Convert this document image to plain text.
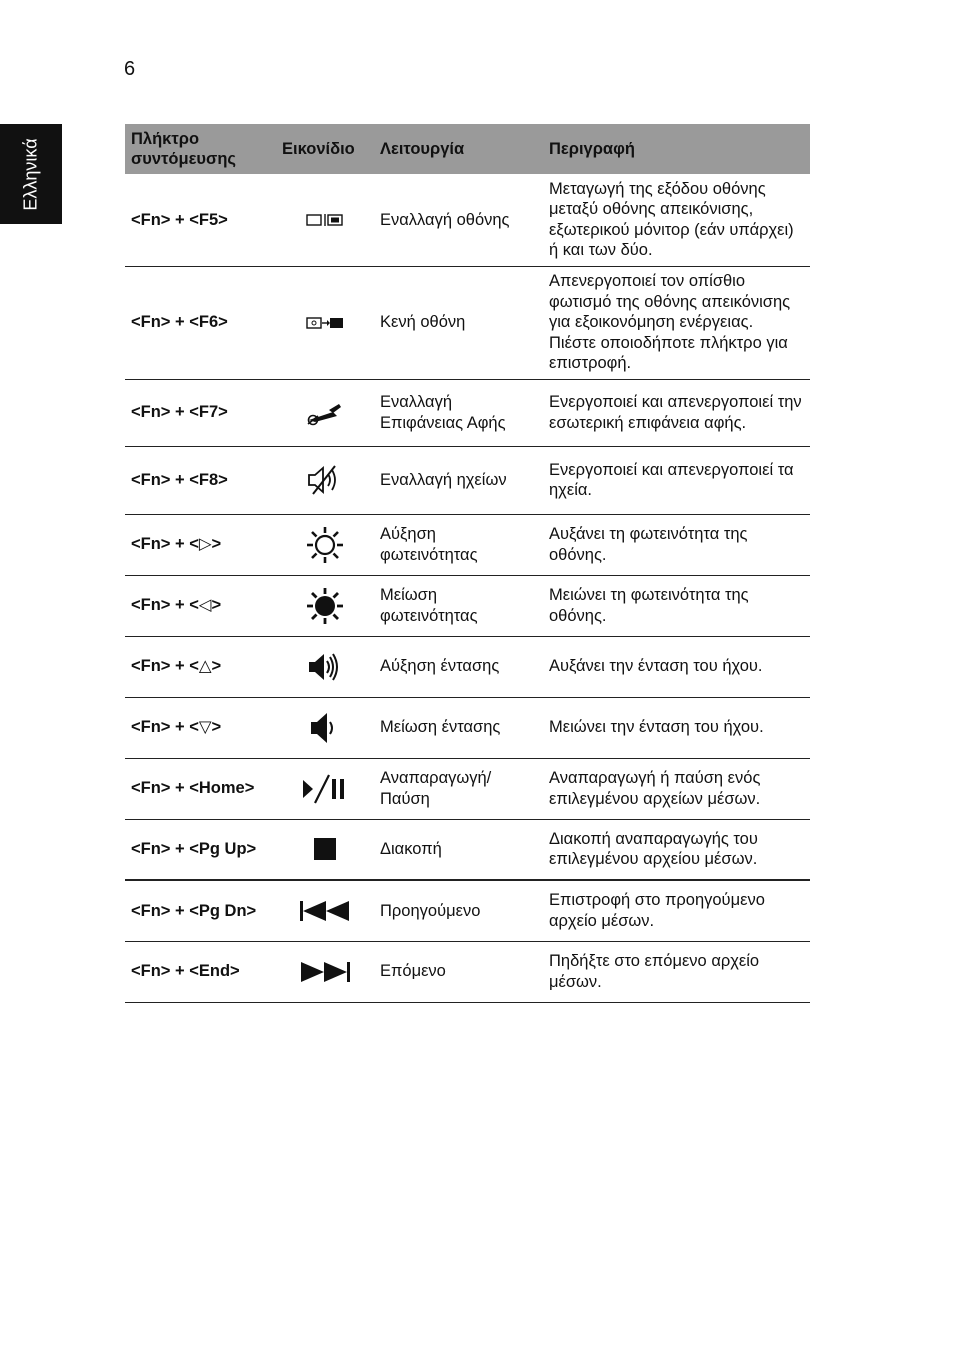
6
Ελληνικά	Πλήκτρο συντόμευσης	Εικονίδιο	Λειτουργία	Περιγραφή
<Fn> + <F5>		Εναλλαγή οθόνης	Μεταγωγή της εξόδου οθόνης μεταξύ οθόνης απεικόνισης, εξωτερικού μόνιτορ (εάν υπάρχει) ή και των δύο.
<Fn> + <F6>		Κενή οθόνη	Απενεργοποιεί τον οπίσθιο φωτισμό της οθόνης απεικόνισης για εξοικονόμηση ενέργειας. Πιέστε οποιοδήποτε πλήκτρο για επιστροφή.
<Fn> + <F7>		Εναλλαγή Επιφάνειας Αφής	Ενεργοποιεί και απενεργοποιεί την εσωτερική επιφάνεια αφής.
<Fn> + <F8>		Εναλλαγή ηχείων	Ενεργοποιεί και απενεργοποιεί τα ηχεία.
<Fn> + <▷>		Αύξηση φωτεινότητας	Αυξάνει τη φωτεινότητα της οθόνης.
<Fn> + <◁>		Μείωση φωτεινότητας	Μειώνει τη φωτεινότητα της οθόνης.
<Fn> + <△>		Αύξηση έντασης	Αυξάνει την ένταση του ήχου.
<Fn> + <▽>		Μείωση έντασης	Μειώνει την ένταση του ήχου.
<Fn> + <Home>		Αναπαραγωγή/ Παύση	Αναπαραγωγή ή παύση ενός επιλεγμένου αρχείων μέσων.
<Fn> + <Pg Up>		Διακοπή	Διακοπή αναπαραγωγής του επιλεγμένου αρχείου μέσων.
<Fn> + <Pg Dn>		Προηγούμενο	Επιστροφή στο προηγούμενο αρχείο μέσων.
<Fn> + <End>		Επόμενο	Πηδήξτε στο επόμενο αρχείο μέσων.
